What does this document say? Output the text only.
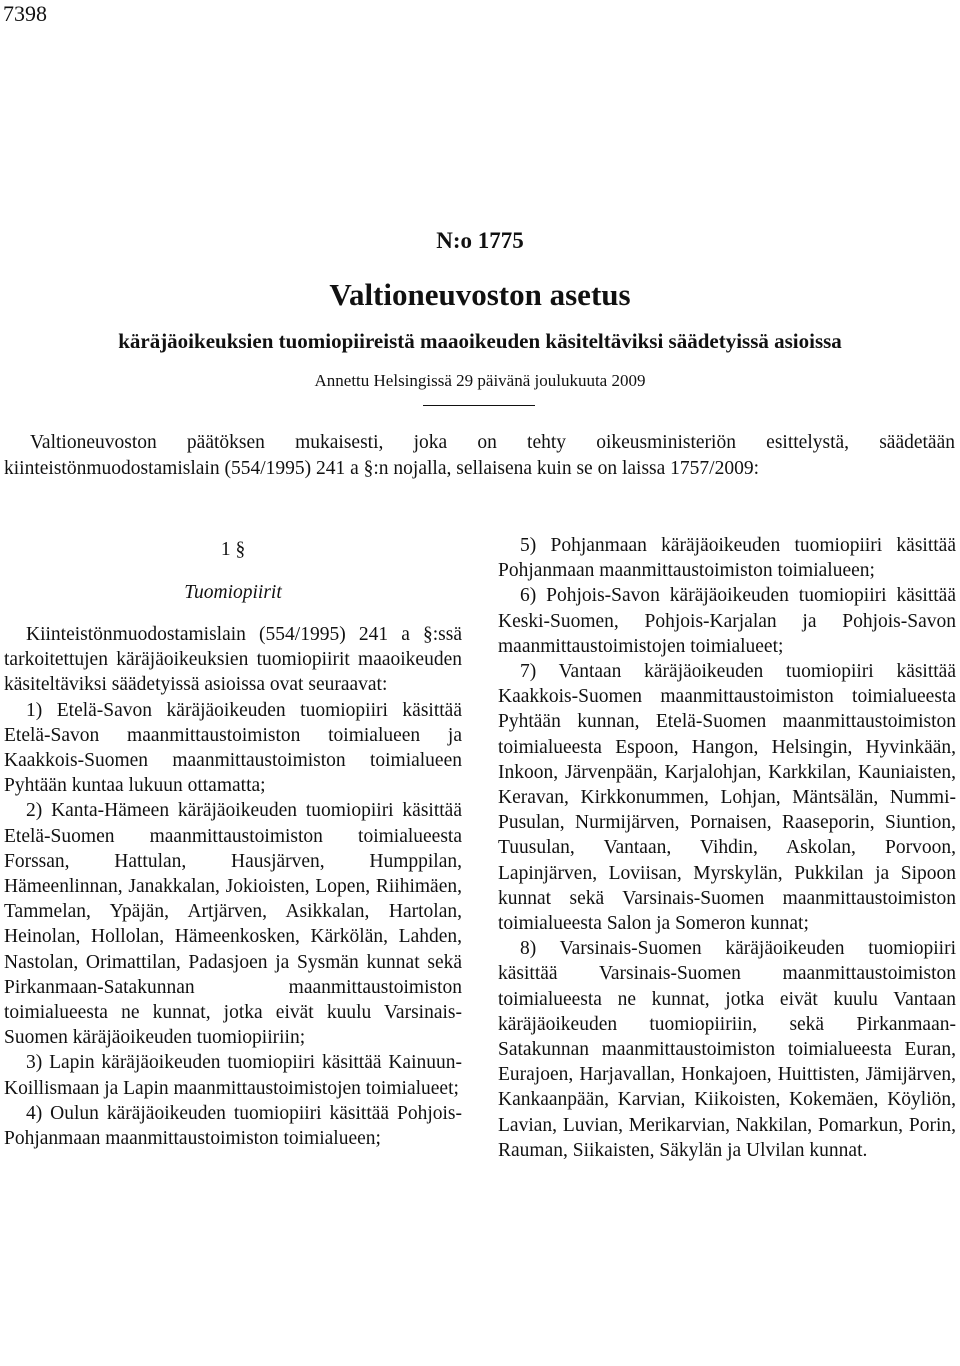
7398
N:o 1775
Valtioneuvoston asetus
käräjäoikeuksien tuomiopiireistä maaoikeuden käsiteltäviksi säädetyissä asioissa
Annettu Helsingissä 29 päivänä joulukuuta 2009

Valtioneuvoston päätöksen mukaisesti, joka on tehty oikeusministeriön esittelystä, säädetään kiinteistönmuodostamislain (554/1995) 241 a §:n nojalla, sellaisena kuin se on laissa 1757/2009:

1 §
Tuomiopiirit

Kiinteistönmuodostamislain (554/1995) 241 a §:ssä tarkoitettujen käräjäoikeuksien tuomiopiirit maaoikeuden käsiteltäviksi säädetyissä asioissa ovat seuraavat:

1) Etelä-Savon käräjäoikeuden tuomiopiiri käsittää Etelä-Savon maanmittaustoimiston toimialueen ja Kaakkois-Suomen maanmittaustoimiston toimialueen Pyhtään kuntaa lukuun ottamatta;

2) Kanta-Hämeen käräjäoikeuden tuomiopiiri käsittää Etelä-Suomen maanmittaustoimiston toimialueesta Forssan, Hattulan, Hausjärven, Humppilan, Hämeenlinnan, Janakkalan, Jokioisten, Lopen, Riihimäen, Tammelan, Ypäjän, Artjärven, Asikkalan, Hartolan, Heinolan, Hollolan, Hämeenkosken, Kärkölän, Lahden, Nastolan, Orimattilan, Padasjoen ja Sysmän kunnat sekä Pirkanmaan-Satakunnan maanmittaustoimiston toimialueesta ne kunnat, jotka eivät kuulu Varsinais-Suomen käräjäoikeuden tuomiopiiriin;

3) Lapin käräjäoikeuden tuomiopiiri käsittää Kainuun-Koillismaan ja Lapin maanmittaustoimistojen toimialueet;

4) Oulun käräjäoikeuden tuomiopiiri käsittää Pohjois-Pohjanmaan maanmittaustoimiston toimialueen;

5) Pohjanmaan käräjäoikeuden tuomiopiiri käsittää Pohjanmaan maanmittaustoimiston toimialueen;

6) Pohjois-Savon käräjäoikeuden tuomiopiiri käsittää Keski-Suomen, Pohjois-Karjalan ja Pohjois-Savon maanmittaustoimistojen toimialueet;

7) Vantaan käräjäoikeuden tuomiopiiri käsittää Kaakkois-Suomen maanmittaustoimiston toimialueesta Pyhtään kunnan, Etelä-Suomen maanmittaustoimiston toimialueesta Espoon, Hangon, Helsingin, Hyvinkään, Inkoon, Järvenpään, Karjalohjan, Karkkilan, Kauniaisten, Keravan, Kirkkonummen, Lohjan, Mäntsälän, Nummi-Pusulan, Nurmijärven, Pornaisen, Raaseporin, Siuntion, Tuusulan, Vantaan, Vihdin, Askolan, Porvoon, Lapinjärven, Loviisan, Myrskylän, Pukkilan ja Sipoon kunnat sekä Varsinais-Suomen maanmittaustoimiston toimialueesta Salon ja Someron kunnat;

8) Varsinais-Suomen käräjäoikeuden tuomiopiiri käsittää Varsinais-Suomen maanmittaustoimiston toimialueesta ne kunnat, jotka eivät kuulu Vantaan käräjäoikeuden tuomiopiiriin, sekä Pirkanmaan-Satakunnan maanmittaustoimiston toimialueesta Euran, Eurajoen, Harjavallan, Honkajoen, Huittisten, Jämijärven, Kankaanpään, Karvian, Kiikoisten, Kokemäen, Köyliön, Lavian, Luvian, Merikarvian, Nakkilan, Pomarkun, Porin, Rauman, Siikaisten, Säkylän ja Ulvilan kunnat.
